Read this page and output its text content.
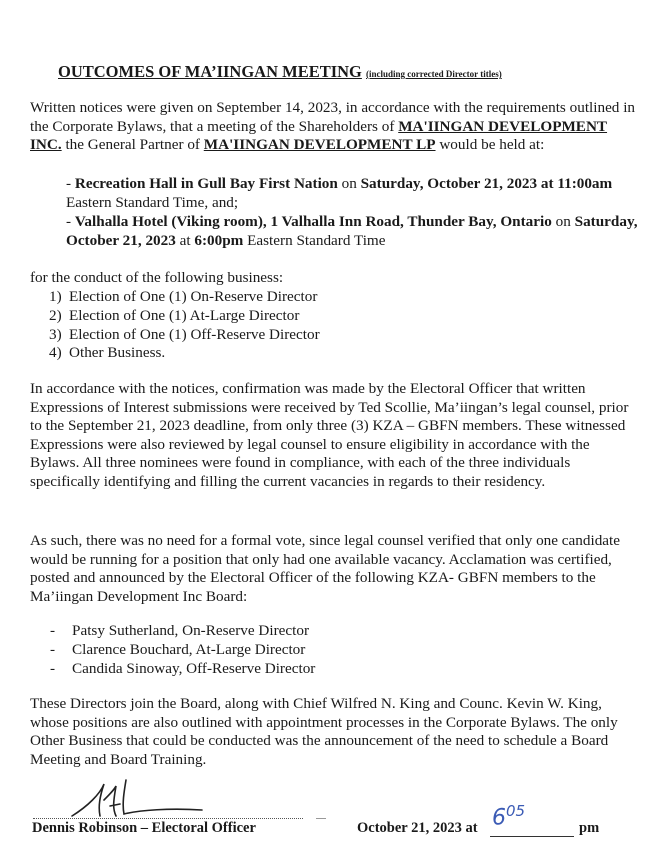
OUTCOMES OF MA’IINGAN MEETING (including corrected Director titles)

Written notices were given on September 14, 2023, in accordance with the requirements outlined in the Corporate Bylaws, that a meeting of the Shareholders of MA'IINGAN DEVELOPMENT INC. the General Partner of MA'IINGAN DEVELOPMENT LP would be held at:

- Recreation Hall in Gull Bay First Nation on Saturday, October 21, 2023 at 11:00am Eastern Standard Time, and;

- Valhalla Hotel (Viking room), 1 Valhalla Inn Road, Thunder Bay, Ontario on Saturday, October 21, 2023 at 6:00pm Eastern Standard Time

for the conduct of the following business:

1) Election of One (1) On-Reserve Director
2) Election of One (1) At-Large Director
3) Election of One (1) Off-Reserve Director
4) Other Business.

In accordance with the notices, confirmation was made by the Electoral Officer that written Expressions of Interest submissions were received by Ted Scollie, Ma’iingan’s legal counsel, prior to the September 21, 2023 deadline, from only three (3) KZA – GBFN members. These witnessed Expressions were also reviewed by legal counsel to ensure eligibility in accordance with the Bylaws. All three nominees were found in compliance, with each of the three individuals specifically identifying and filling the current vacancies in regards to their residency.

As such, there was no need for a formal vote, since legal counsel verified that only one candidate would be running for a position that only had one available vacancy. Acclamation was certified, posted and announced by the Electoral Officer of the following KZA- GBFN members to the Ma’iingan Development Inc Board:

- Patsy Sutherland, On-Reserve Director
- Clarence Bouchard, At-Large Director
- Candida Sinoway, Off-Reserve Director

These Directors join the Board, along with Chief Wilfred N. King and Counc. Kevin W. King, whose positions are also outlined with appointment processes in the Corporate Bylaws. The only Other Business that could be conducted was the announcement of the need to schedule a Board Meeting and Board Training.

Dennis Robinson – Electoral Officer	October 21, 2023 at $6^{05}$
pm
